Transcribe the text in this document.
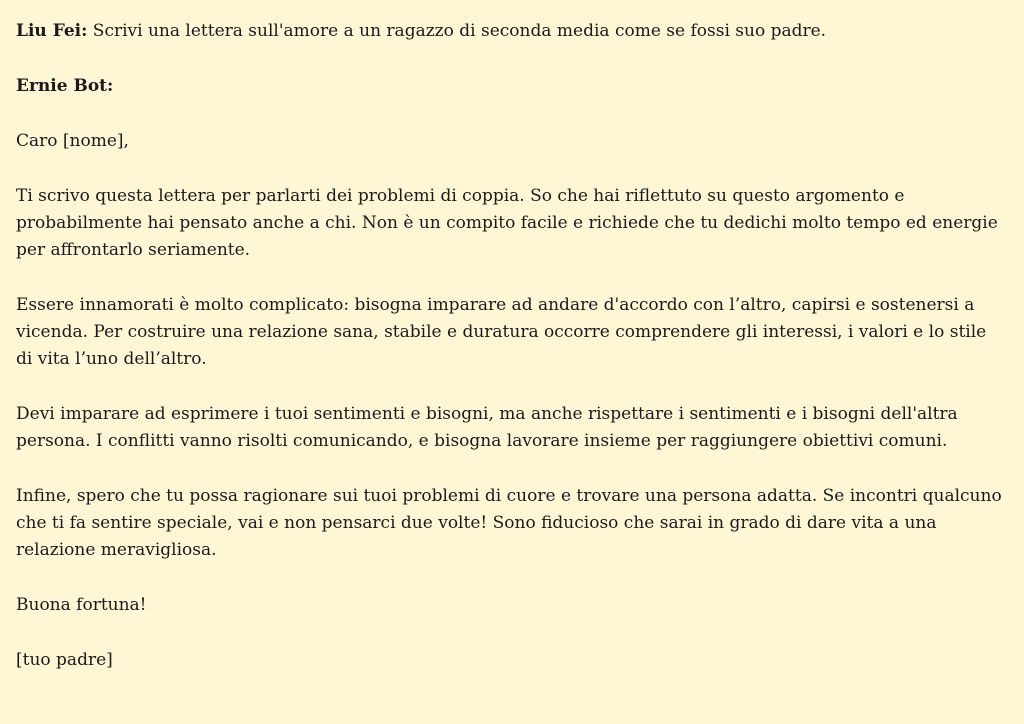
Liu Fei: Scrivi una lettera sull'amore a un ragazzo di seconda media come se fossi suo padre.

Ernie Bot:

Caro [nome],

Ti scrivo questa lettera per parlarti dei problemi di coppia. So che hai riflettuto su questo argomento e probabilmente hai pensato anche a chi. Non è un compito facile e richiede che tu dedichi molto tempo ed energie per affrontarlo seriamente.

Essere innamorati è molto complicato: bisogna imparare ad andare d'accordo con l’altro, capirsi e sostenersi a vicenda. Per costruire una relazione sana, stabile e duratura occorre comprendere gli interessi, i valori e lo stile di vita l’uno dell’altro.

Devi imparare ad esprimere i tuoi sentimenti e bisogni, ma anche rispettare i sentimenti e i bisogni dell'altra persona. I conflitti vanno risolti comunicando, e bisogna lavorare insieme per raggiungere obiettivi comuni.

Infine, spero che tu possa ragionare sui tuoi problemi di cuore e trovare una persona adatta. Se incontri qualcuno che ti fa sentire speciale, vai e non pensarci due volte! Sono fiducioso che sarai in grado di dare vita a una relazione meravigliosa.

Buona fortuna!

[tuo padre]
